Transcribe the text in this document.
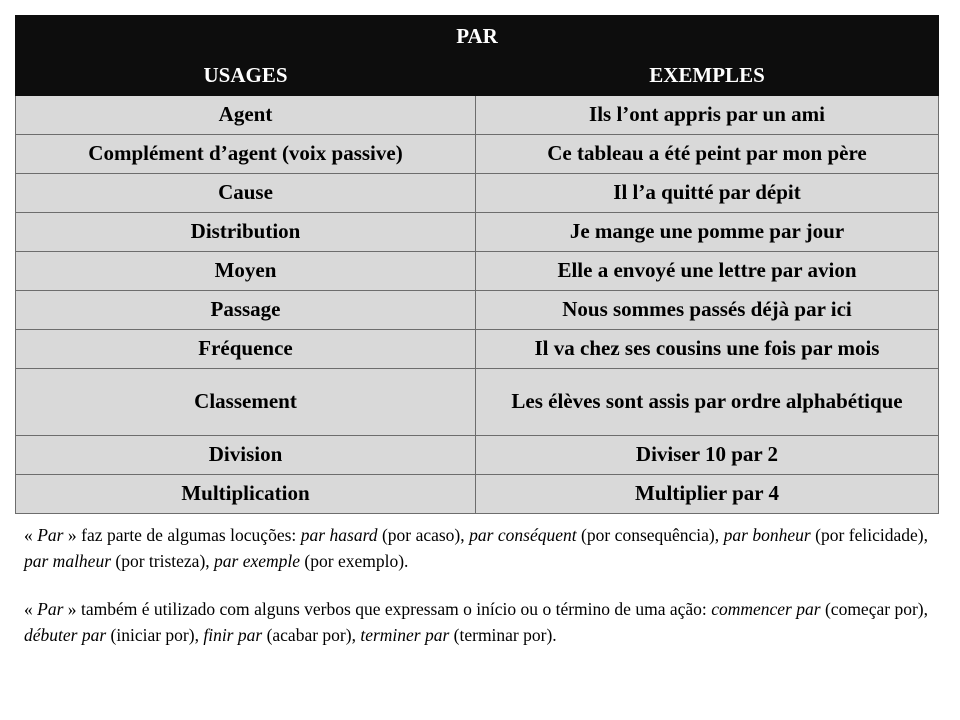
PAR	
USAGES	EXEMPLES
Agent	Ils l’ont appris par un ami
Complément d’agent (voix passive)	Ce tableau a été peint par mon père
Cause	Il l’a quitté par dépit
Distribution	Je mange une pomme par jour
Moyen	Elle a envoyé une lettre par avion
Passage	Nous sommes passés déjà par ici
Fréquence	Il va chez ses cousins une fois par mois
Classement	Les élèves sont assis par ordre alphabétique
Division	Diviser 10 par 2
Multiplication	Multiplier par 4

« Par » faz parte de algumas locuções: par hasard (por acaso), par conséquent (por consequência), par bonheur (por felicidade), par malheur (por tristeza), par exemple (por exemplo).

« Par » também é utilizado com alguns verbos que expressam o início ou o término de uma ação: commencer par (começar por), débuter par (iniciar por), finir par (acabar por), terminer par (terminar por).
